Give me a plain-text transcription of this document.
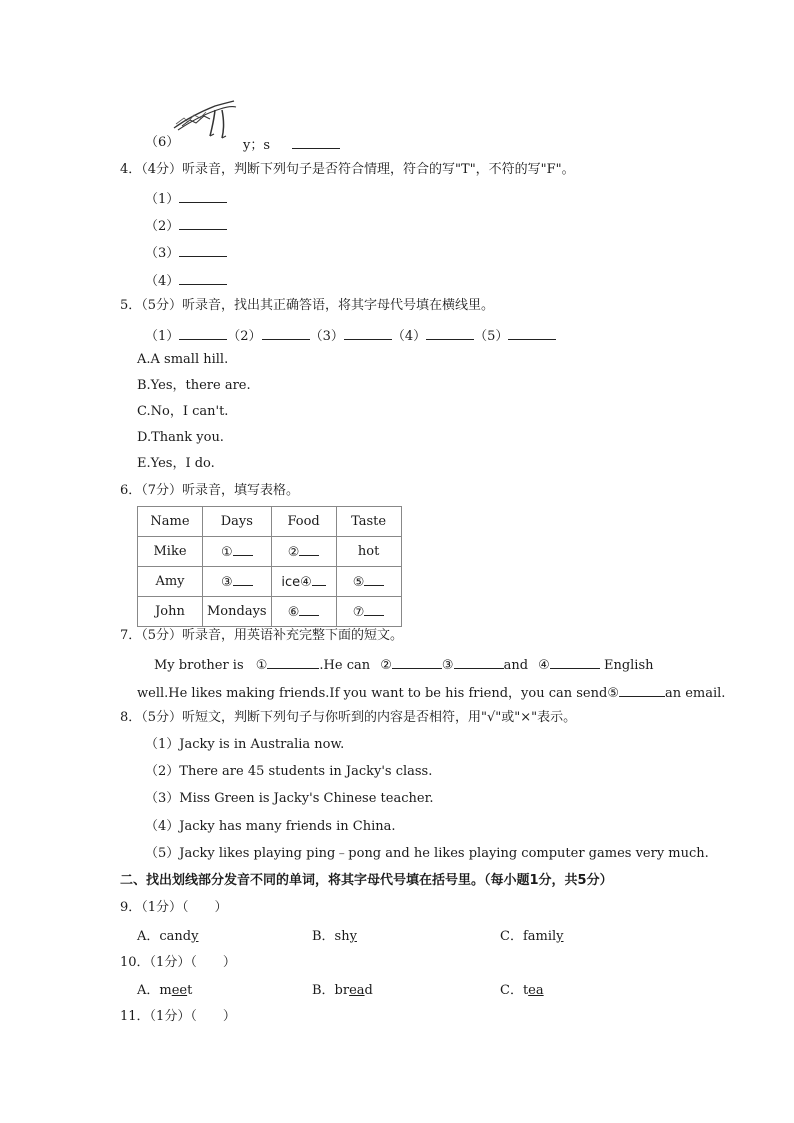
（6）	y；s
4．（4分）听录音，判断下列句子是否符合情理，符合的写"T"，不符的写"F"。
（1）
（2）
（3）
（4）
5．（5分）听录音，找出其正确答语，将其字母代号填在横线里。
（1）	（2）	（3）	（4）	（5）
A.A small hill.
B.Yes，there are.
C.No，I can't.
D.Thank you.
E.Yes，I do.
6．（7分）听录音，填写表格。
Name	Days	Food	Taste
Mike	①	②	hot
Amy	③	ice④	⑤
John	Mondays	⑥	⑦
7．（5分）听录音，用英语补充完整下面的短文。
My brother is ①	.He can ②	③	and ④	English
well.He likes making friends.If you want to be his friend，you can send⑤	an email.
8．（5分）听短文，判断下列句子与你听到的内容是否相符，用"√"或"×"表示。
（1）Jacky is in Australia now.
（2）There are 45 students in Jacky's class.
（3）Miss Green is Jacky's Chinese teacher.
（4）Jacky has many friends in China.
（5）Jacky likes playing ping﹣pong and he likes playing computer games very much.
二、找出划线部分发音不同的单词，将其字母代号填在括号里。（每小题1分，共5分）
9．（1分）（　　）
A．candy	B．shy	C．family
10．（1分）（　　）
A．meet	B．bread	C．tea
11．（1分）（　　）
